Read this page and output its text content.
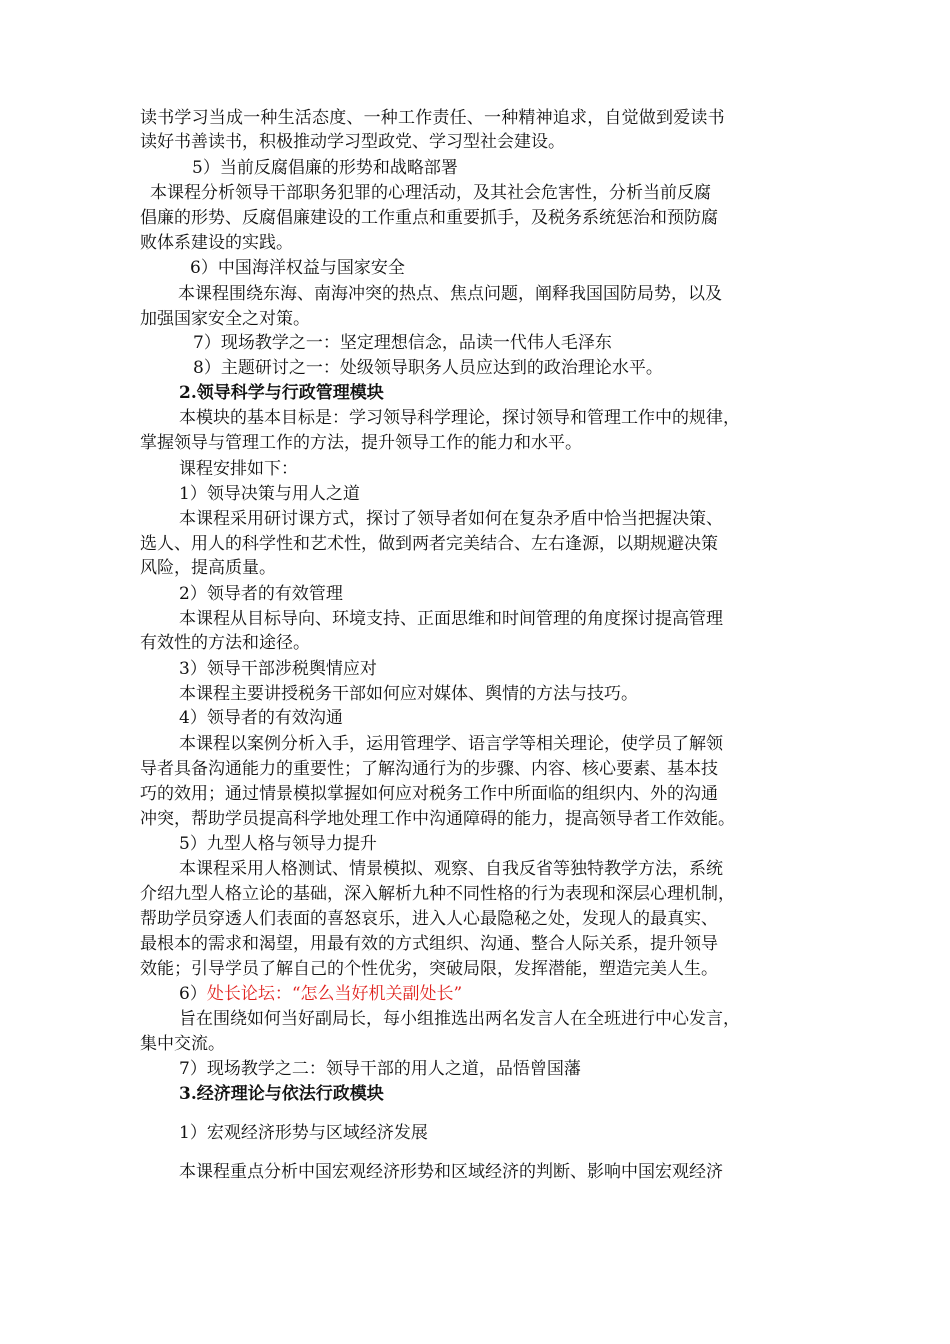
读书学习当成一种生活态度、一种工作责任、一种精神追求，自觉做到爱读书
读好书善读书，积极推动学习型政党、学习型社会建设。
5）当前反腐倡廉的形势和战略部署
本课程分析领导干部职务犯罪的心理活动，及其社会危害性，分析当前反腐
倡廉的形势、反腐倡廉建设的工作重点和重要抓手，及税务系统惩治和预防腐
败体系建设的实践。
6）中国海洋权益与国家安全
本课程围绕东海、南海冲突的热点、焦点问题，阐释我国国防局势，以及
加强国家安全之对策。
7）现场教学之一：坚定理想信念，品读一代伟人毛泽东
8）主题研讨之一：处级领导职务人员应达到的政治理论水平。
2.领导科学与行政管理模块
本模块的基本目标是：学习领导科学理论，探讨领导和管理工作中的规律，
掌握领导与管理工作的方法，提升领导工作的能力和水平。
课程安排如下：
1）领导决策与用人之道
本课程采用研讨课方式，探讨了领导者如何在复杂矛盾中恰当把握决策、
选人、用人的科学性和艺术性，做到两者完美结合、左右逢源，以期规避决策
风险，提高质量。
2）领导者的有效管理
本课程从目标导向、环境支持、正面思维和时间管理的角度探讨提高管理
有效性的方法和途径。
3）领导干部涉税舆情应对
本课程主要讲授税务干部如何应对媒体、舆情的方法与技巧。
4）领导者的有效沟通
本课程以案例分析入手，运用管理学、语言学等相关理论，使学员了解领
导者具备沟通能力的重要性；了解沟通行为的步骤、内容、核心要素、基本技
巧的效用；通过情景模拟掌握如何应对税务工作中所面临的组织内、外的沟通
冲突，帮助学员提高科学地处理工作中沟通障碍的能力，提高领导者工作效能。
5）九型人格与领导力提升
本课程采用人格测试、情景模拟、观察、自我反省等独特教学方法，系统
介绍九型人格立论的基础，深入解析九种不同性格的行为表现和深层心理机制，
帮助学员穿透人们表面的喜怒哀乐，进入人心最隐秘之处，发现人的最真实、
最根本的需求和渴望，用最有效的方式组织、沟通、整合人际关系，提升领导
效能；引导学员了解自己的个性优劣，突破局限，发挥潜能，塑造完美人生。
6）处长论坛：“怎么当好机关副处长”
旨在围绕如何当好副局长，每小组推选出两名发言人在全班进行中心发言，
集中交流。
7）现场教学之二：领导干部的用人之道，品悟曾国藩
3.经济理论与依法行政模块
1）宏观经济形势与区域经济发展
本课程重点分析中国宏观经济形势和区域经济的判断、影响中国宏观经济
